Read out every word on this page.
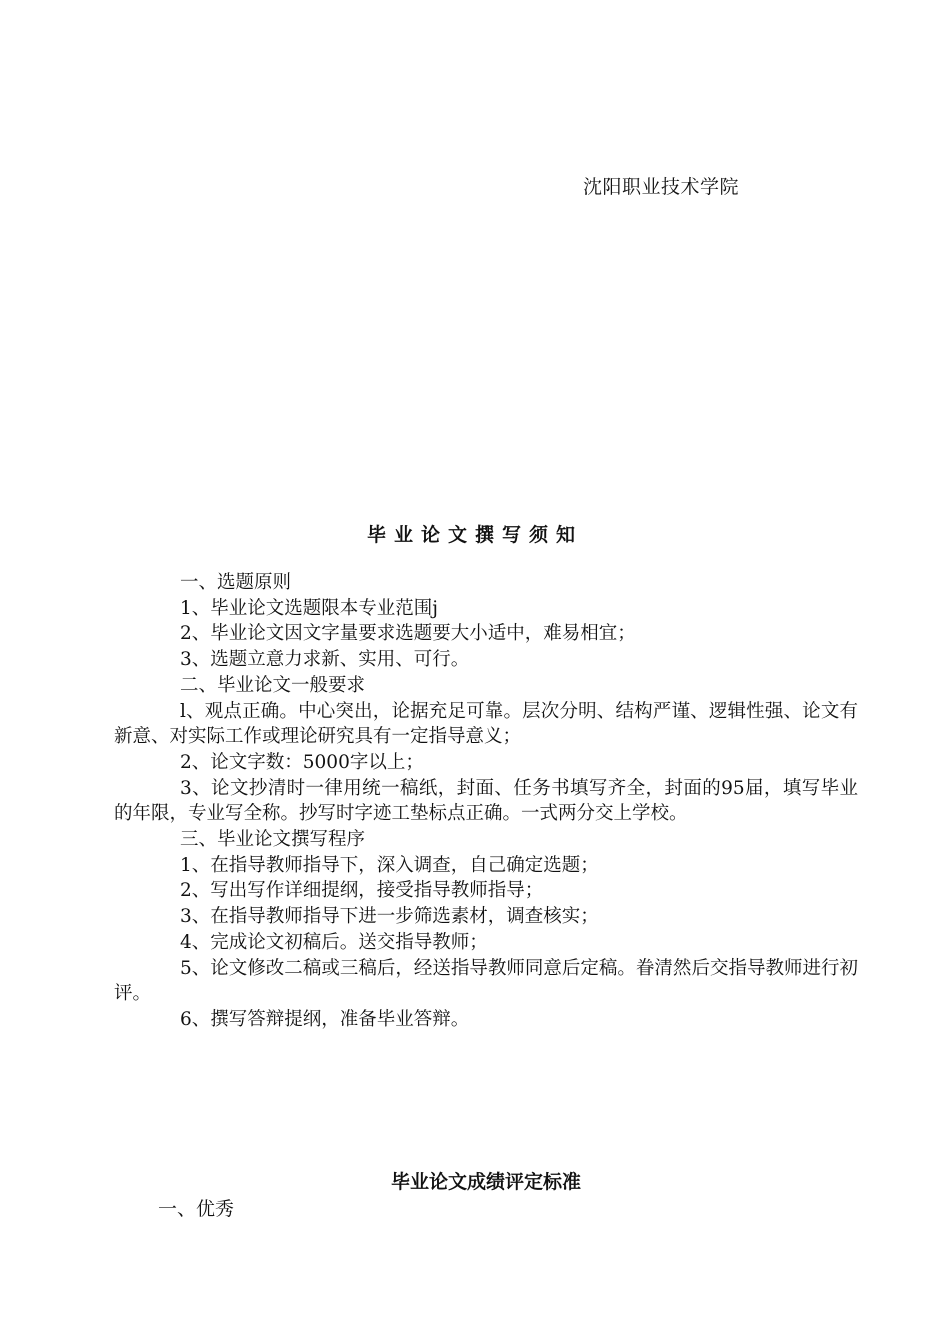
沈阳职业技术学院
毕业论文撰写须知

一、选题原则

1、毕业论文选题限本专业范围j

2、毕业论文因文字量要求选题要大小适中，难易相宜；

3、选题立意力求新、实用、可行。

二、毕业论文一般要求

l、观点正确。中心突出，论据充足可靠。层次分明、结构严谨、逻辑性强、论文有新意、对实际工作或理论研究具有一定指导意义；

2、论文字数：5000字以上；

3、论文抄清时一律用统一稿纸，封面、任务书填写齐全，封面的95届，填写毕业的年限，专业写全称。抄写时字迹工垫标点正确。一式两分交上学校。

三、毕业论文撰写程序

1、在指导教师指导下，深入调查，自己确定选题；

2、写出写作详细提纲，接受指导教师指导；

3、在指导教师指导下进一步筛选素材，调查核实；

4、完成论文初稿后。送交指导教师；

5、论文修改二稿或三稿后，经送指导教师同意后定稿。眷清然后交指导教师进行初评。

6、撰写答辩提纲，准备毕业答辩。

毕业论文成绩评定标准
一、优秀
